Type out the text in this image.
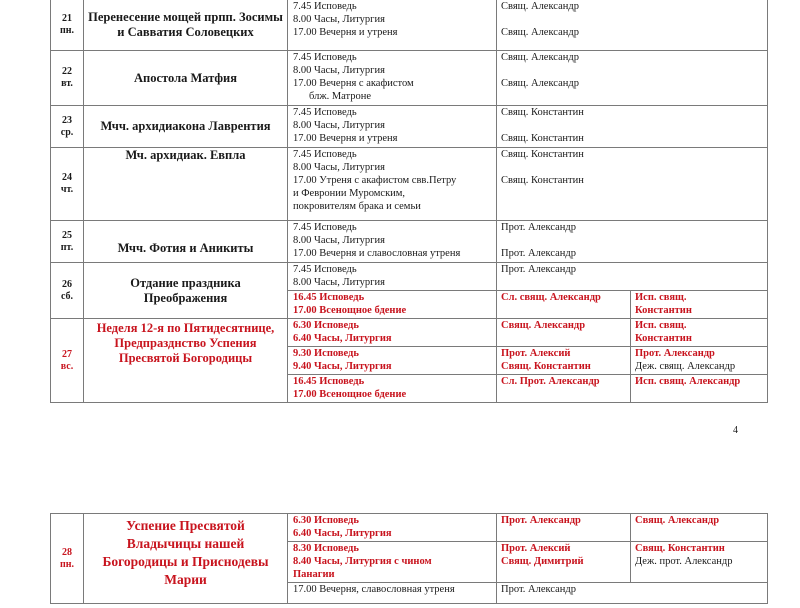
21
пн.	Перенесение мощей прпп. Зосимы и Савватия Соловецких	7.45 Исповедь
8.00 Часы, Литургия
17.00 Вечерня и утреня	Свящ. Александр
Свящ. Александр	

22
вт.	Апостола Матфия	7.45 Исповедь
8.00 Часы, Литургия
17.00 Вечерня с акафистом
блж. Матроне	Свящ. Александр
Свящ. Александр	

23
ср.	Мчч. архидиакона Лаврентия	7.45 Исповедь
8.00 Часы, Литургия
17.00 Вечерня и утреня	Свящ. Константин
Свящ. Константин	

24
чт.	Мч. архидиак. Евпла	7.45 Исповедь
8.00 Часы, Литургия
17.00 Утреня с акафистом свв.Петру
и Февронии Муромским,
покровителям брака и семьи	Свящ. Константин
Свящ. Константин	

25
пт.	Мчч. Фотия и Аникиты	7.45 Исповедь
8.00 Часы, Литургия
17.00 Вечерня и славословная утреня	Прот. Александр
Прот. Александр	

26
сб.	Отдание праздника Преображения	7.45 Исповедь
8.00 Часы, Литургия	Прот. Александр	

		16.45 Исповедь
17.00 Всенощное бдение	Сл. свящ. Александр	Исп. свящ.
Константин

27
вс.	Неделя 12-я по Пятидесятнице, Предпразднство Успения Пресвятой Богородицы	6.30 Исповедь
6.40 Часы, Литургия	Свящ. Александр	Исп. свящ.
Константин

		9.30 Исповедь
9.40 Часы, Литургия	Прот. Алексий
Свящ. Константин	Прот. Александр
Деж. свящ. Александр

		16.45 Исповедь
17.00 Всенощное бдение	Сл. Прот. Александр	Исп. свящ. Александр
4
28
пн.	Успение Пресвятой Владычицы нашей Богородицы и Приснодевы Марии	6.30 Исповедь
6.40 Часы, Литургия	Прот. Александр	Свящ. Александр

		8.30 Исповедь
8.40 Часы, Литургия с чином
Панагии	Прот. Алексий
Свящ. Димитрий	Свящ. Константин
Деж. прот. Александр

		17.00 Вечерня, славословная утреня	Прот. Александр	
